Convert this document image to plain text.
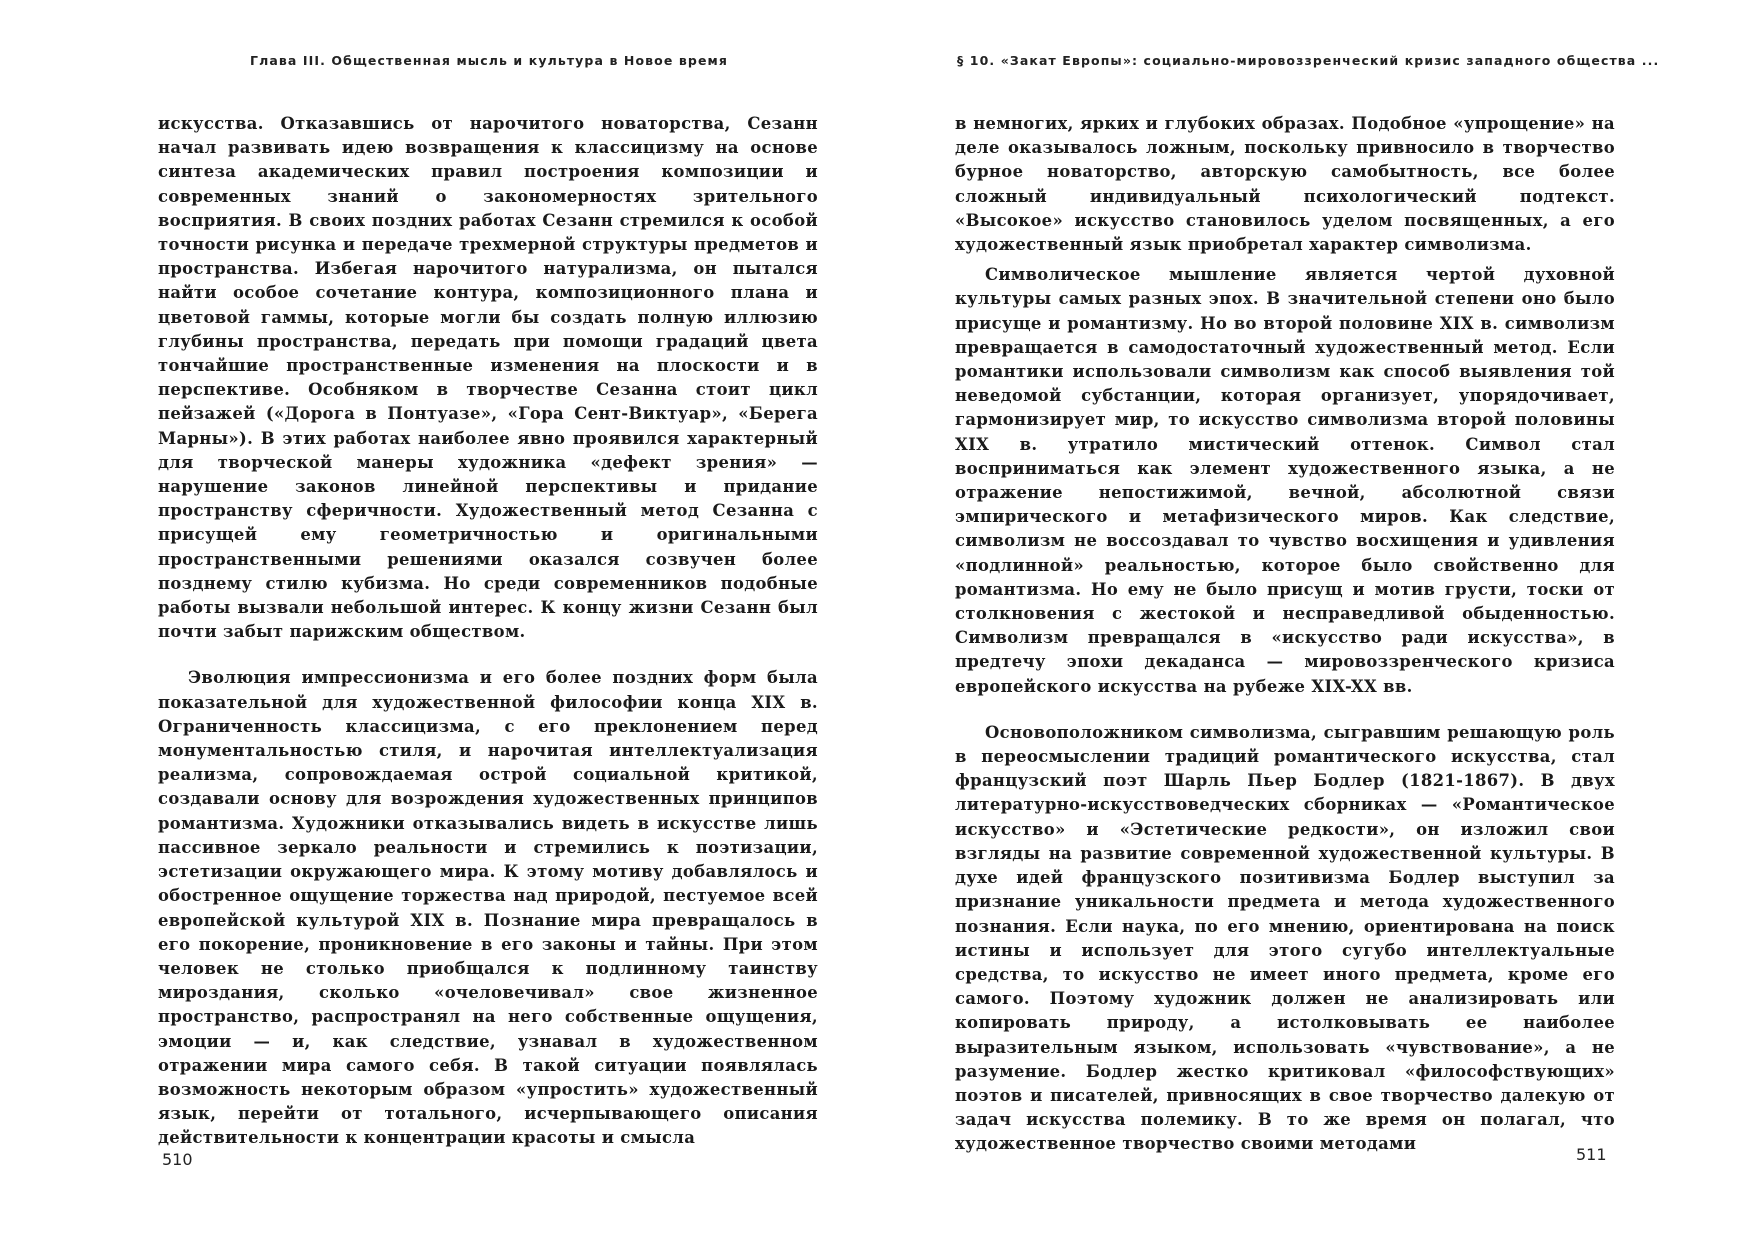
Глава III. Общественная мысль и культура в Новое время

искусства. Отказавшись от нарочитого новаторства, Сезанн начал развивать идею возвращения к классицизму на основе синтеза академических правил построения композиции и современных знаний о закономерностях зрительного восприятия. В своих поздних работах Сезанн стремился к особой точности рисунка и передаче трехмерной структуры предметов и пространства. Избегая нарочитого натурализма, он пытался найти особое сочетание контура, композиционного плана и цветовой гаммы, которые могли бы создать полную иллюзию глубины пространства, передать при помощи градаций цвета тончайшие пространственные изменения на плоскости и в перспективе. Особняком в творчестве Сезанна стоит цикл пейзажей («Дорога в Понтуазе», «Гора Сент-Виктуар», «Берега Марны»). В этих работах наиболее явно проявился характерный для творческой манеры художника «дефект зрения» — нарушение законов линейной перспективы и придание пространству сферичности. Художественный метод Сезанна с присущей ему геометричностью и оригинальными пространственными решениями оказался созвучен более позднему стилю кубизма. Но среди современников подобные работы вызвали небольшой интерес. К концу жизни Сезанн был почти забыт парижским обществом.

Эволюция импрессионизма и его более поздних форм была показательной для художественной философии конца XIX в. Ограниченность классицизма, с его преклонением перед монументальностью стиля, и нарочитая интеллектуализация реализма, сопровождаемая острой социальной критикой, создавали основу для возрождения художественных принципов романтизма. Художники отказывались видеть в искусстве лишь пассивное зеркало реальности и стремились к поэтизации, эстетизации окружающего мира. К этому мотиву добавлялось и обостренное ощущение торжества над природой, пестуемое всей европейской культурой XIX в. Познание мира превращалось в его покорение, проникновение в его законы и тайны. При этом человек не столько приобщался к подлинному таинству мироздания, сколько «очеловечивал» свое жизненное пространство, распространял на него собственные ощущения, эмоции — и, как следствие, узнавал в художественном отражении мира самого себя. В такой ситуации появлялась возможность некоторым образом «упростить» художественный язык, перейти от тотального, исчерпывающего описания действительности к концентрации красоты и смысла

510
§ 10. «Закат Европы»: социально-мировоззренческий кризис западного общества ...

в немногих, ярких и глубоких образах. Подобное «упрощение» на деле оказывалось ложным, поскольку привносило в творчество бурное новаторство, авторскую самобытность, все более сложный индивидуальный психологический подтекст. «Высокое» искусство становилось уделом посвященных, а его художественный язык приобретал характер символизма.

Символическое мышление является чертой духовной культуры самых разных эпох. В значительной степени оно было присуще и романтизму. Но во второй половине XIX в. символизм превращается в самодостаточный художественный метод. Если романтики использовали символизм как способ выявления той неведомой субстанции, которая организует, упорядочивает, гармонизирует мир, то искусство символизма второй половины XIX в. утратило мистический оттенок. Символ стал восприниматься как элемент художественного языка, а не отражение непостижимой, вечной, абсолютной связи эмпирического и метафизического миров. Как следствие, символизм не воссоздавал то чувство восхищения и удивления «подлинной» реальностью, которое было свойственно для романтизма. Но ему не было присущ и мотив грусти, тоски от столкновения с жестокой и несправедливой обыденностью. Символизм превращался в «искусство ради искусства», в предтечу эпохи декаданса — мировоззренческого кризиса европейского искусства на рубеже XIX-XX вв.

Основоположником символизма, сыгравшим решающую роль в переосмыслении традиций романтического искусства, стал французский поэт Шарль Пьер Бодлер (1821-1867). В двух литературно-искусствоведческих сборниках — «Романтическое искусство» и «Эстетические редкости», он изложил свои взгляды на развитие современной художественной культуры. В духе идей французского позитивизма Бодлер выступил за признание уникальности предмета и метода художественного познания. Если наука, по его мнению, ориентирована на поиск истины и использует для этого сугубо интеллектуальные средства, то искусство не имеет иного предмета, кроме его самого. Поэтому художник должен не анализировать или копировать природу, а истолковывать ее наиболее выразительным языком, использовать «чувствование», а не разумение. Бодлер жестко критиковал «философствующих» поэтов и писателей, привносящих в свое творчество далекую от задач искусства полемику. В то же время он полагал, что художественное творчество своими методами

511
